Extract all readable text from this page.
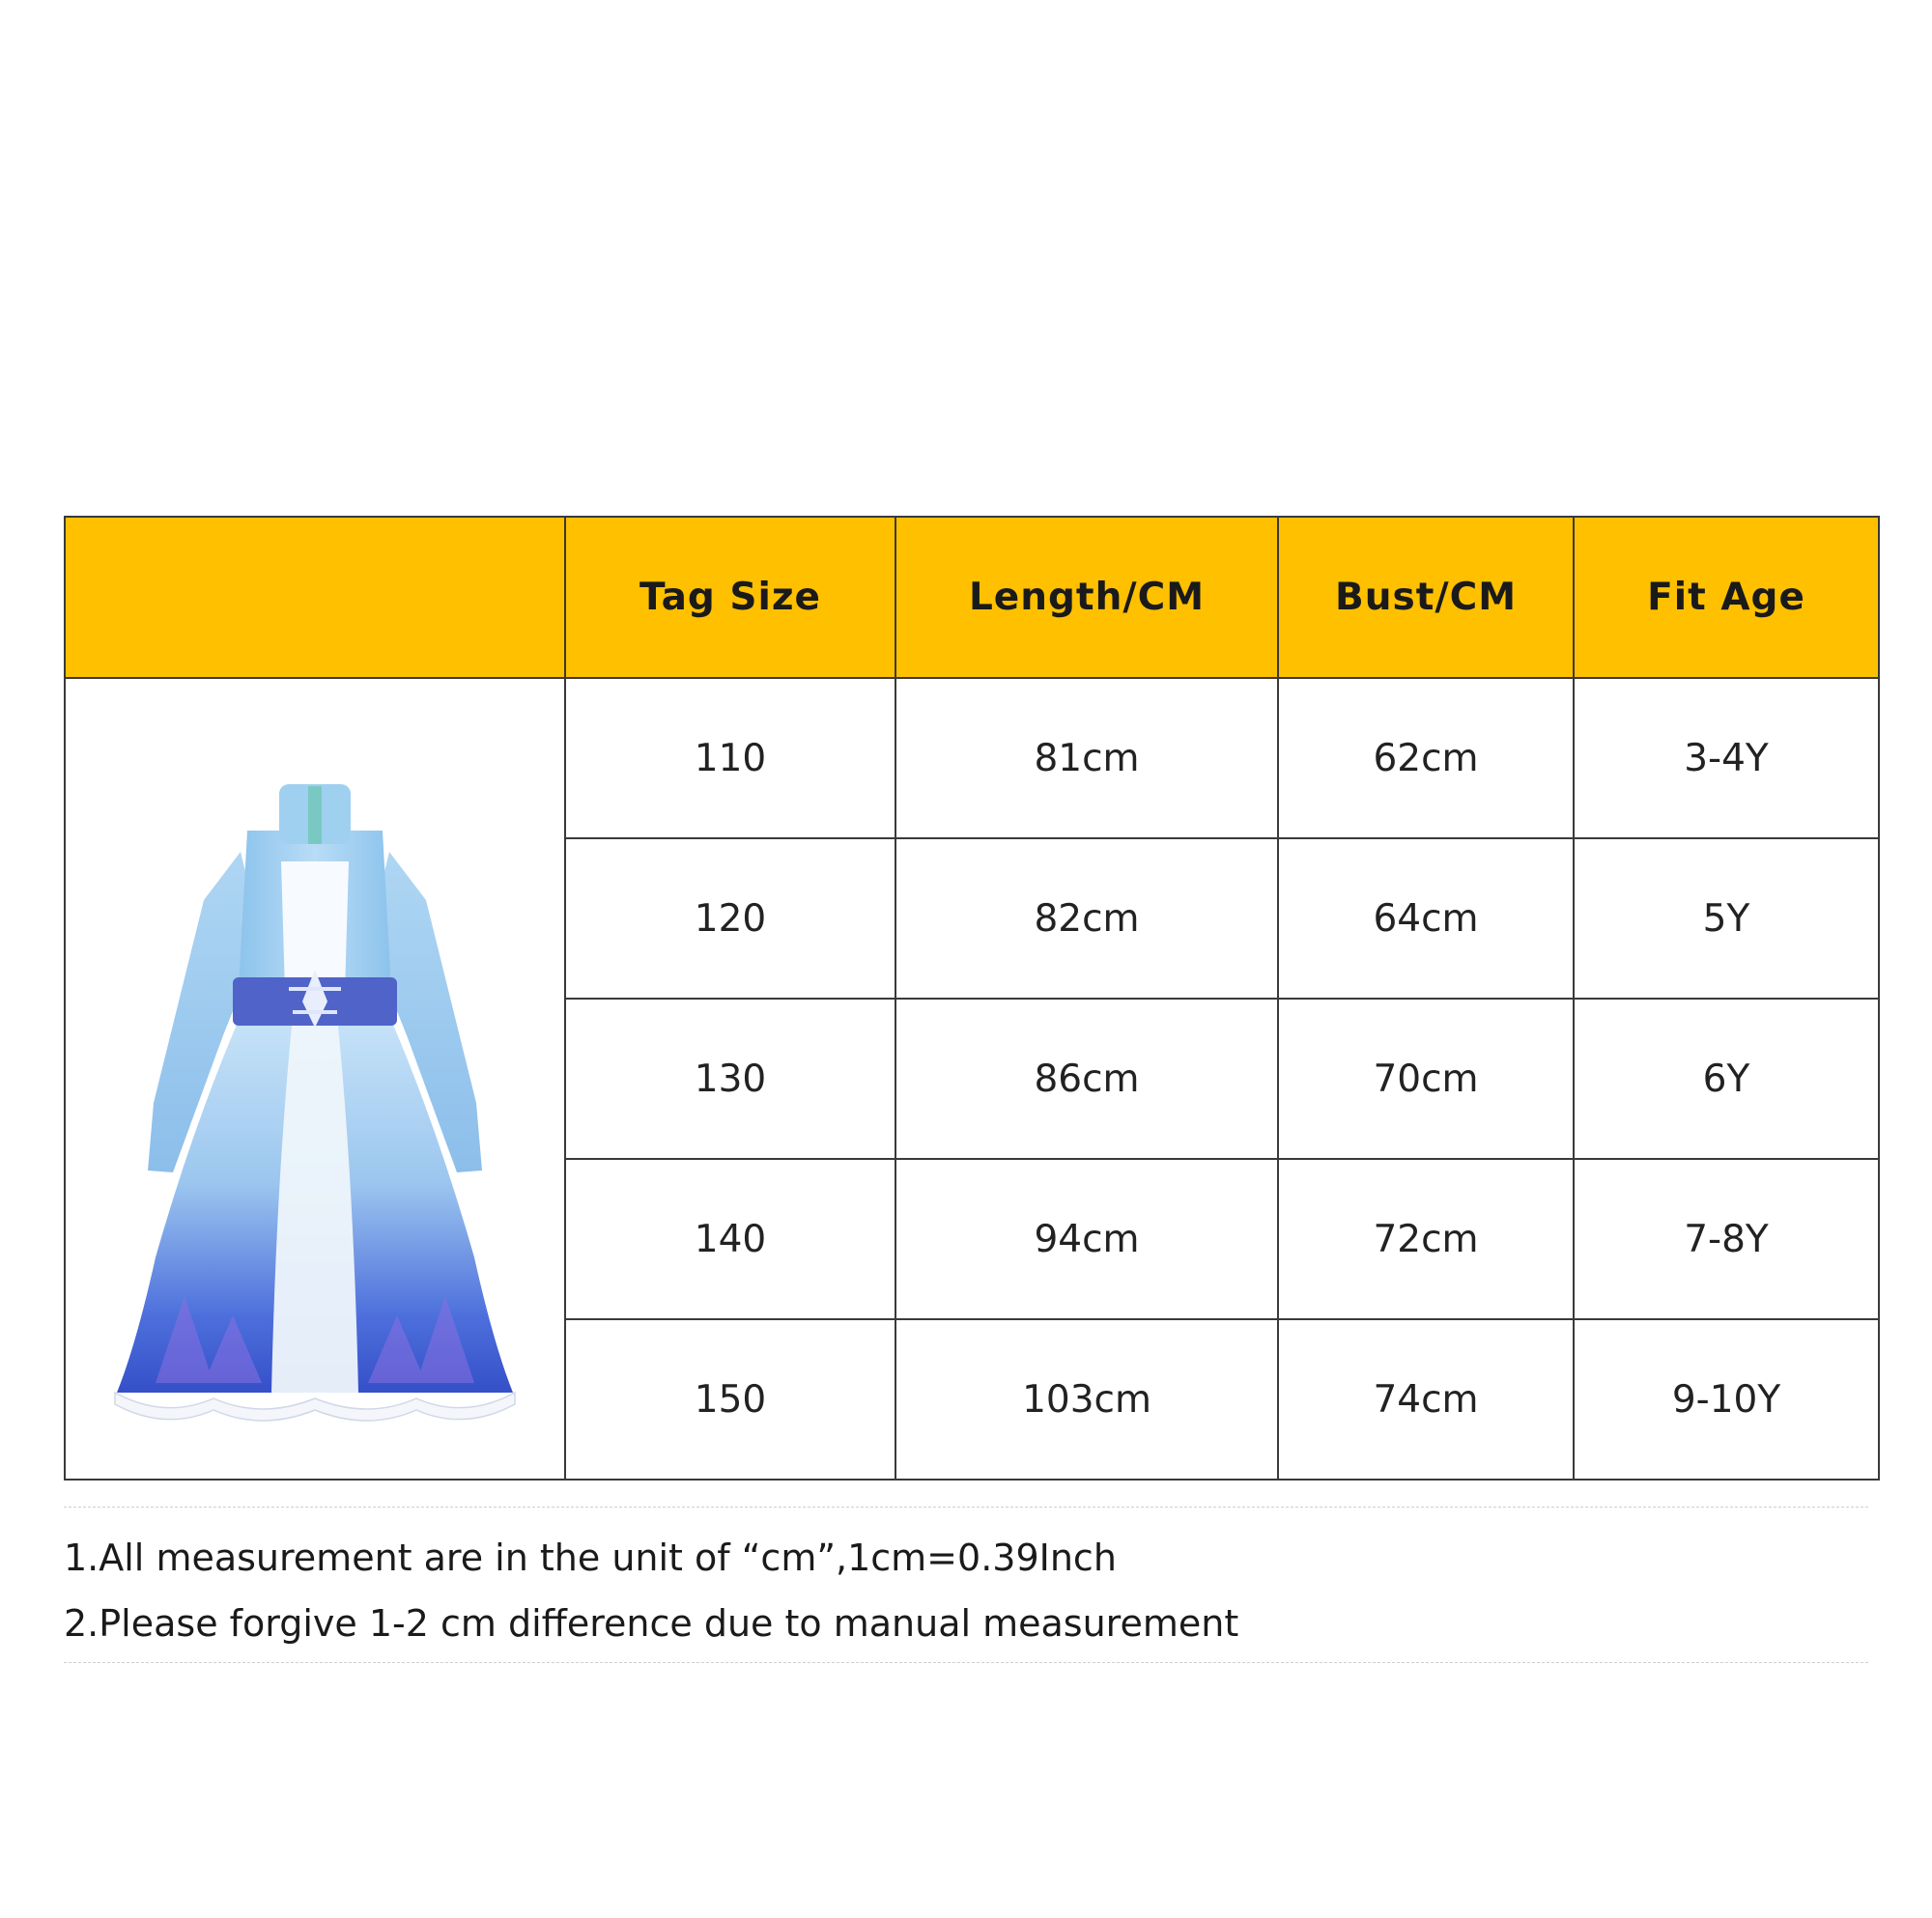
	Tag Size	Length/CM	Bust/CM	Fit Age
	110	81cm	62cm	3-4Y
	120	82cm	64cm	5Y
	130	86cm	70cm	6Y
	140	94cm	72cm	7-8Y
	150	103cm	74cm	9-10Y

1.All measurement are in the unit of “cm”,1cm=0.39Inch

2.Please forgive 1-2 cm difference due to manual measurement
